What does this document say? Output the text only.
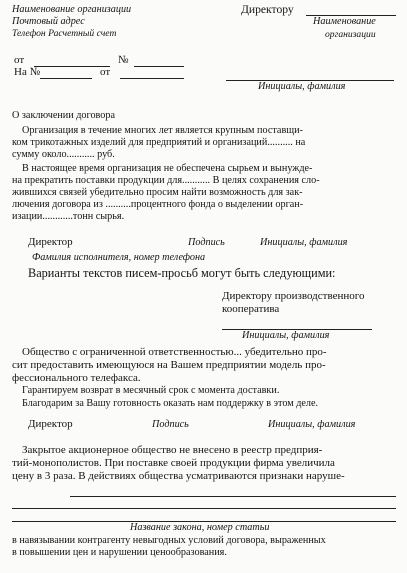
Наименование организации
Почтовый адрес
Телефон Расчетный счет
Директору
Наименование
организации
от	№
На №	от
Инициалы, фамилия
О заключении договора
Организация в течение многих лет является крупным поставщи-
ком трикотажных изделий для предприятий и организаций.......... на
сумму около........... руб.
В настоящее время организация не обеспечена сырьем и вынужде-
на прекратить поставки продукции для........... В целях сохранения сло-
жившихся связей убедительно просим найти возможность для зак-
лючения договора из ..........процентного фонда о выделении орган-
изации............тонн сырья.
Директор	Подпись	Инициалы, фамилия
Фамилия исполнителя, номер телефона
Варианты текстов писем-просьб могут быть следующими:
Директору производственного
кооператива
Инициалы, фамилия
Общество с ограниченной ответственностью... убедительно про-
сит предоставить имеющуюся на Вашем предприятии модель про-
фессионального телефакса.
Гарантируем возврат в месячный срок с момента доставки.
Благодарим за Вашу готовность оказать нам поддержку в этом деле.
Директор	Подпись	Инициалы, фамилия
Закрытое акционерное общество не внесено в реестр предприя-
тий-монополистов. При поставке своей продукции фирма увеличила
цену в 3 раза. В действиях общества усматриваются признаки наруше-
Название закона, номер статьи
в навязывании контрагенту невыгодных условий договора, выраженных
в повышении цен и нарушении ценообразования.
